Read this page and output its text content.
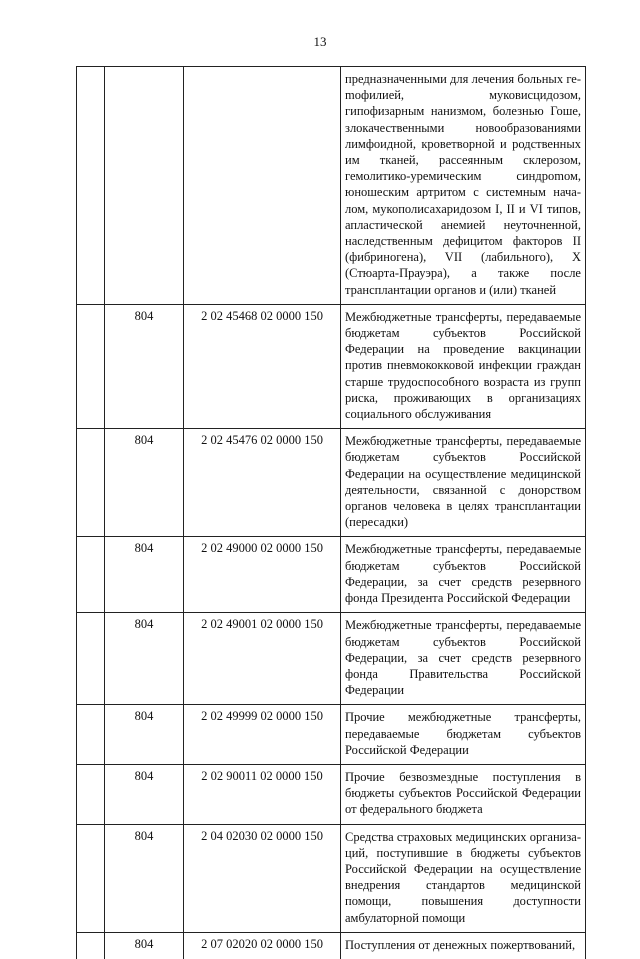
13
			предназначенными для лечения больных геmофилией, муковисцидозом, гипофизарным нанизмом, болезнью Гоше, злокачественными новообразованиями лимфоидной, кроветворной и родственных им тканей, рассеянным склерозом, гемолитико-уремическим синдроmом, юношеским артритом с системным началом, мукополисахаридозом I, II и VI типов, апластической анемией неуточненной, наследственным дефицитом факторов II (фибриногена), VII (лабильного), X (Стюарта-Прауэра), а также после трансплантации органов и (или) тканей
	804	2 02 45468 02 0000 150	Межбюджетные трансферты, передаваемые бюджетам субъектов Российской Федерации на проведение вакцинации против пневмококковой инфекции граждан старше трудоспособного возраста из групп риска, проживающих в организациях социального обслуживания
	804	2 02 45476 02 0000 150	Межбюджетные трансферты, передаваемые бюджетам субъектов Российской Федерации на осуществление медицинской деятельности, связанной с донорством органов человека в целях трансплантации (пересадки)
	804	2 02 49000 02 0000 150	Межбюджетные трансферты, передаваемые бюджетам субъектов Российской Федерации, за счет средств резервного фонда Президента Российской Федерации
	804	2 02 49001 02 0000 150	Межбюджетные трансферты, передаваемые бюджетам субъектов Российской Федерации, за счет средств резервного фонда Правительства Российской Федерации
	804	2 02 49999 02 0000 150	Прочие межбюджетные трансферты, передаваемые бюджетам субъектов Российской Федерации
	804	2 02 90011 02 0000 150	Прочие безвозмездные поступления в бюджеты субъектов Российской Федерации от федерального бюджета
	804	2 04 02030 02 0000 150	Средства страховых медицинских организаций, поступившие в бюджеты субъектов Российской Федерации на осуществление внедрения стандартов медицинской помощи, повышения доступности амбулаторной помощи
	804	2 07 02020 02 0000 150	Поступления от денежных пожертвований,
